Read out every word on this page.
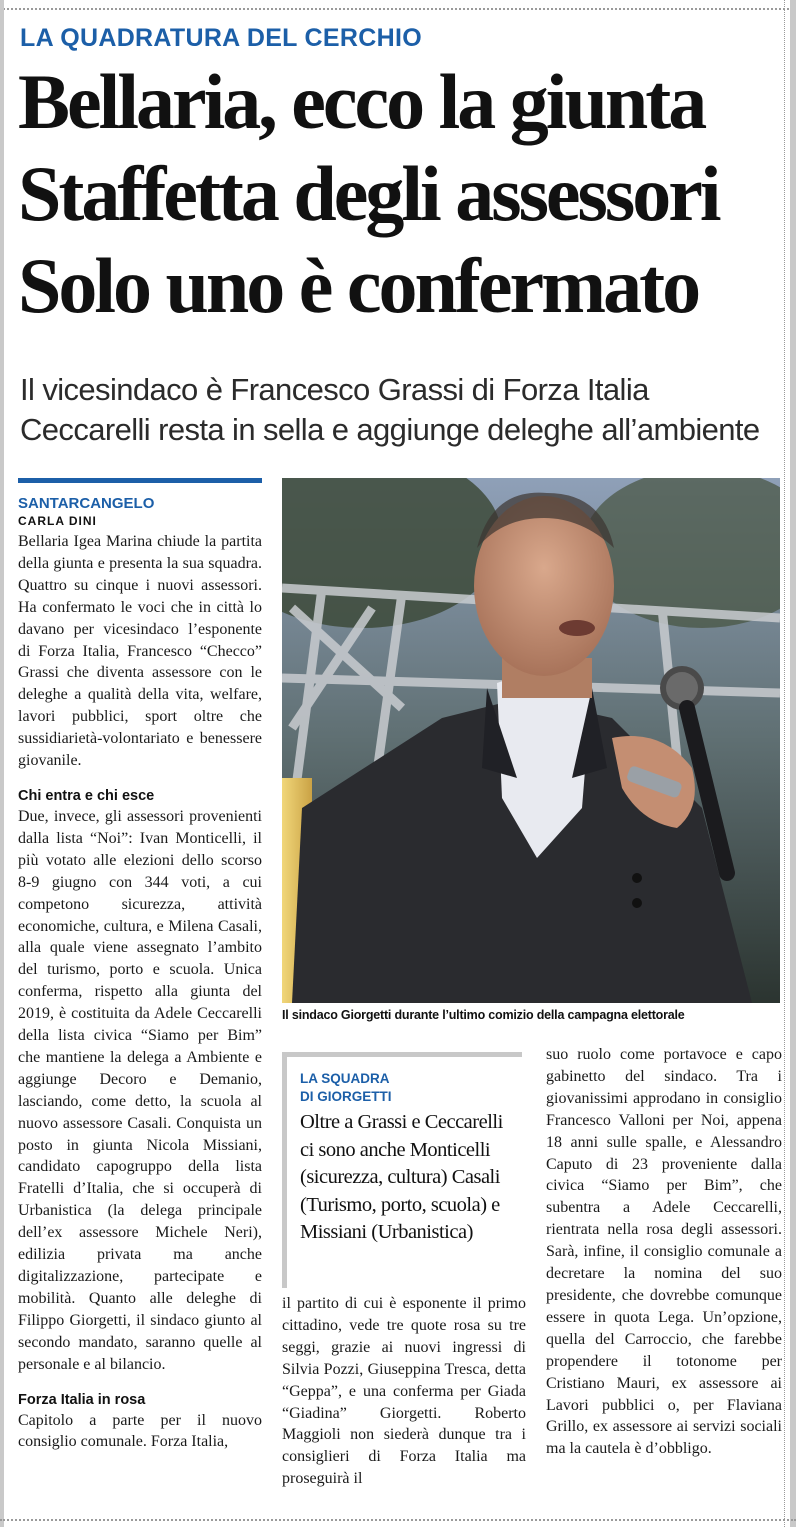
LA QUADRATURA DEL CERCHIO
Bellaria, ecco la giunta
Staffetta degli assessori
Solo uno è confermato
Il vicesindaco è Francesco Grassi di Forza Italia
Ceccarelli resta in sella e aggiunge deleghe all’ambiente
SANTARCANGELO
CARLA DINI

Bellaria Igea Marina chiude la partita della giunta e presenta la sua squadra. Quattro su cinque i nuovi assessori. Ha confermato le voci che in città lo davano per vicesindaco l’esponente di Forza Italia, Francesco “Checco” Grassi che diventa assessore con le deleghe a qualità della vita, welfare, lavori pubblici, sport oltre che sussidiarietà-volontariato e benessere giovanile.

Chi entra e chi esce

Due, invece, gli assessori provenienti dalla lista “Noi”: Ivan Monticelli, il più votato alle elezioni dello scorso 8-9 giugno con 344 voti, a cui competono sicurezza, attività economiche, cultura, e Milena Casali, alla quale viene assegnato l’ambito del turismo, porto e scuola. Unica conferma, rispetto alla giunta del 2019, è costituita da Adele Ceccarelli della lista civica “Siamo per Bim” che mantiene la delega a Ambiente e aggiunge Decoro e Demanio, lasciando, come detto, la scuola al nuovo assessore Casali. Conquista un posto in giunta Nicola Missiani, candidato capogruppo della lista Fratelli d’Italia, che si occuperà di Urbanistica (la delega principale dell’ex assessore Michele Neri), edilizia privata ma anche digitalizzazione, partecipate e mobilità. Quanto alle deleghe di Filippo Giorgetti, il sindaco giunto al secondo mandato, saranno quelle al personale e al bilancio.

Forza Italia in rosa

Capitolo a parte per il nuovo consiglio comunale. Forza Italia,

Il sindaco Giorgetti durante l’ultimo comizio della campagna elettorale
LA SQUADRA
DI GIORGETTI
Oltre a Grassi e Ceccarelli ci sono anche Monticelli (sicurezza, cultura) Casali (Turismo, porto, scuola) e Missiani (Urbanistica)

il partito di cui è esponente il primo cittadino, vede tre quote rosa su tre seggi, grazie ai nuovi ingressi di Silvia Pozzi, Giuseppina Tresca, detta “Geppa”, e una conferma per Giada “Giadina” Giorgetti. Roberto Maggioli non siederà dunque tra i consiglieri di Forza Italia ma proseguirà il

suo ruolo come portavoce e capo gabinetto del sindaco. Tra i giovanissimi approdano in consiglio Francesco Valloni per Noi, appena 18 anni sulle spalle, e Alessandro Caputo di 23 proveniente dalla civica “Siamo per Bim”, che subentra a Adele Ceccarelli, rientrata nella rosa degli assessori. Sarà, infine, il consiglio comunale a decretare la nomina del suo presidente, che dovrebbe comunque essere in quota Lega. Un’opzione, quella del Carroccio, che farebbe propendere il totonome per Cristiano Mauri, ex assessore ai Lavori pubblici o, per Flaviana Grillo, ex assessore ai servizi sociali ma la cautela è d’obbligo.
